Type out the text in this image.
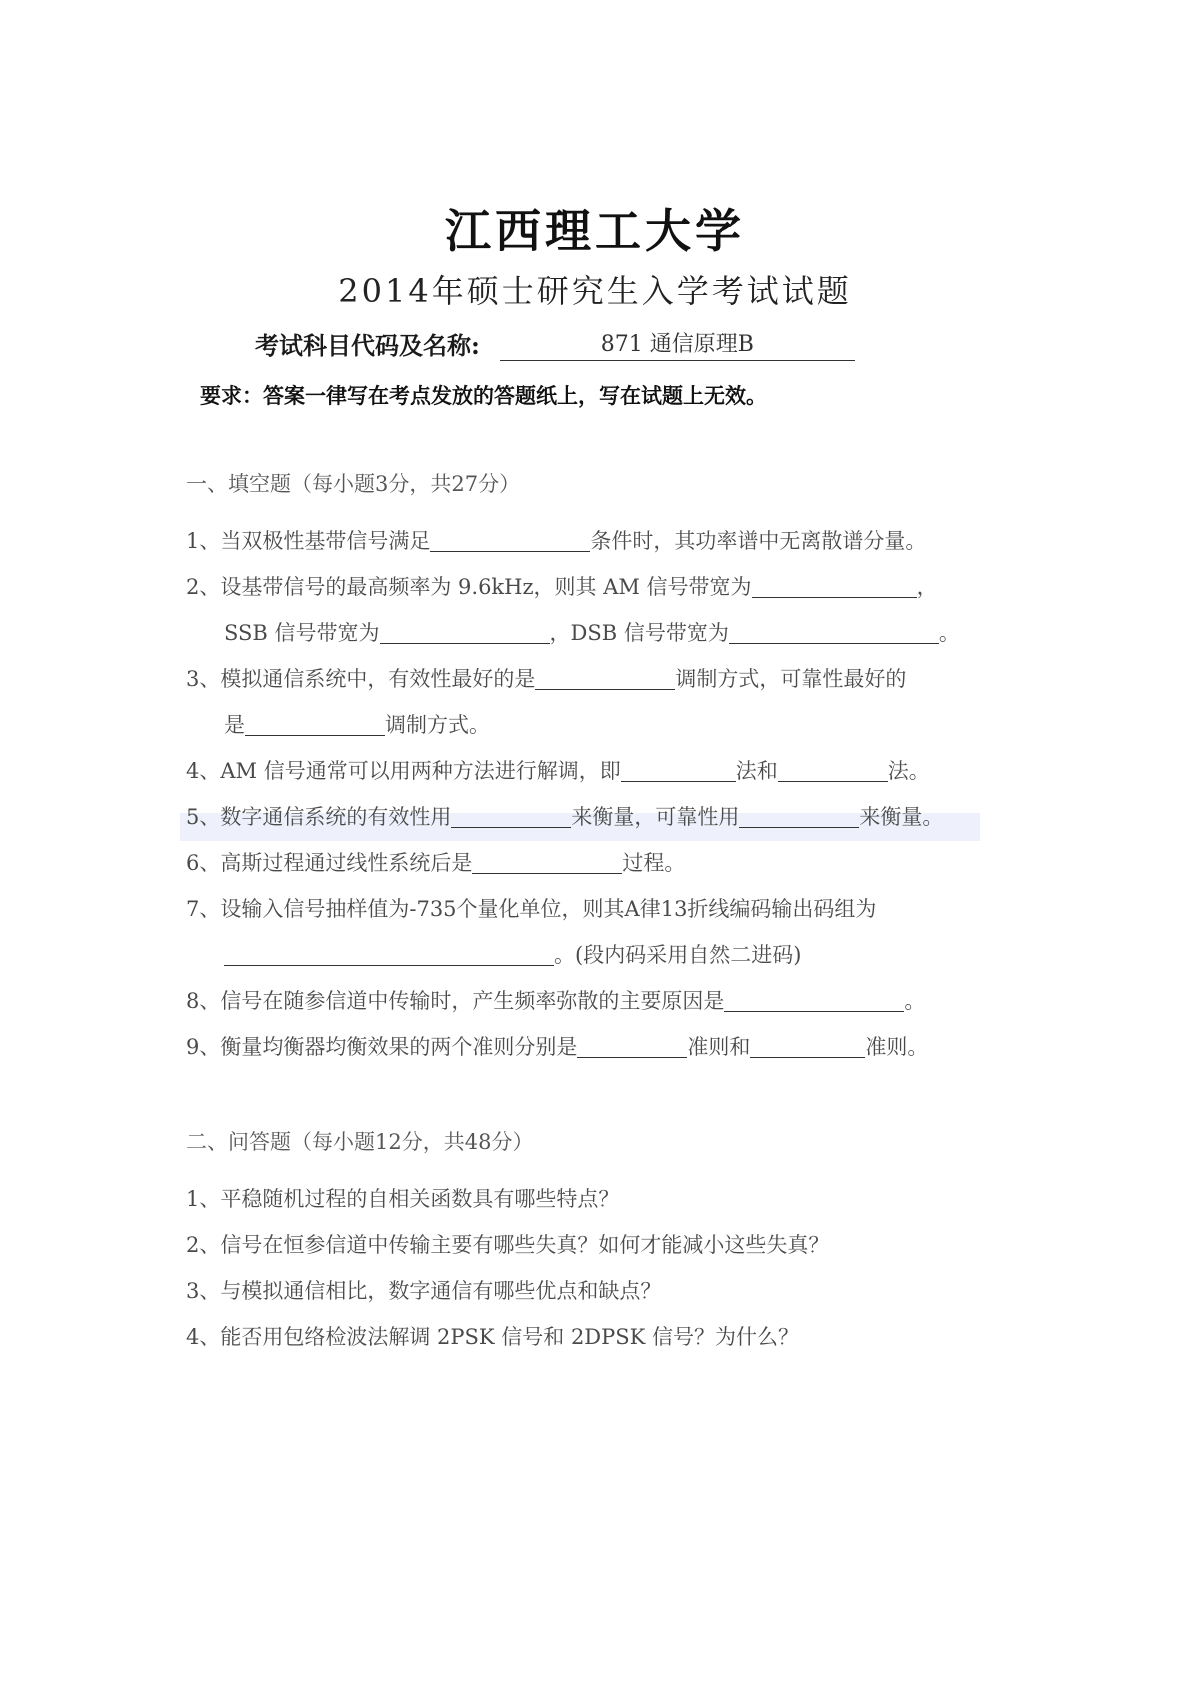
江西理工大学
2014年硕士研究生入学考试试题
考试科目代码及名称:	871 通信原理B
要求：答案一律写在考点发放的答题纸上，写在试题上无效。
一、填空题（每小题3分，共27分）
1、当双极性基带信号满足	条件时，其功率谱中无离散谱分量。
2、设基带信号的最高频率为 9.6kHz，则其 AM 信号带宽为	，
SSB 信号带宽为	，DSB 信号带宽为	。
3、模拟通信系统中，有效性最好的是	调制方式，可靠性最好的
是	调制方式。
4、AM 信号通常可以用两种方法进行解调，即	法和	法。
5、数字通信系统的有效性用	来衡量，可靠性用	来衡量。
6、高斯过程通过线性系统后是	过程。
7、设输入信号抽样值为-735个量化单位，则其A律13折线编码输出码组为
。(段内码采用自然二进码)
8、信号在随参信道中传输时，产生频率弥散的主要原因是	。
9、衡量均衡器均衡效果的两个准则分别是	准则和	准则。
二、问答题（每小题12分，共48分）
1、平稳随机过程的自相关函数具有哪些特点？
2、信号在恒参信道中传输主要有哪些失真？如何才能减小这些失真？
3、与模拟通信相比，数字通信有哪些优点和缺点？
4、能否用包络检波法解调 2PSK 信号和 2DPSK 信号？为什么？
